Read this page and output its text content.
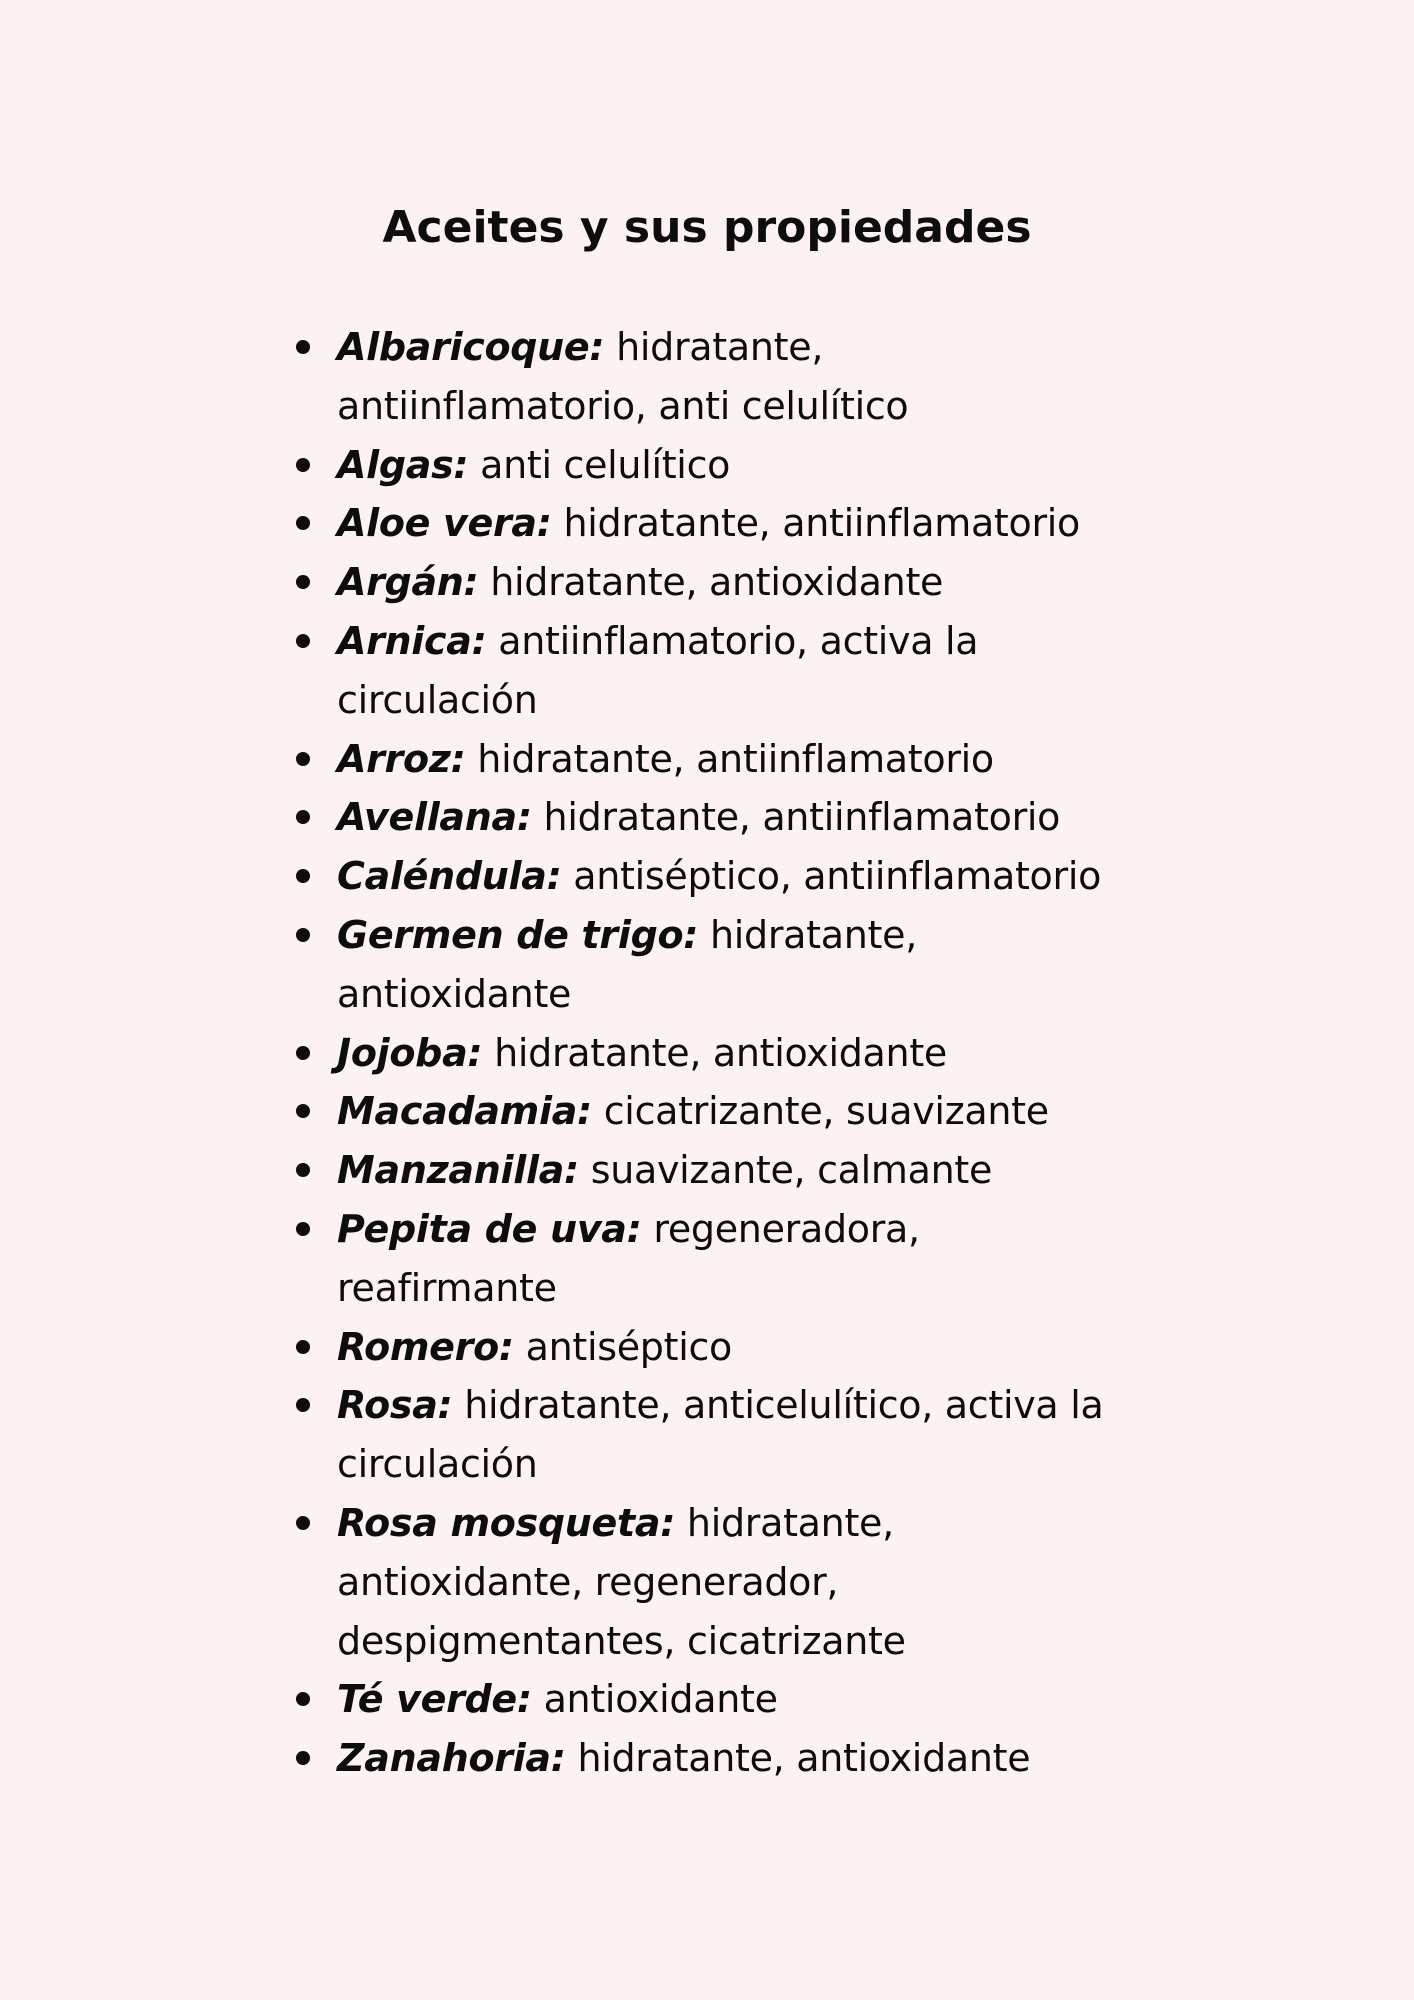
Aceites y sus propiedades
Albaricoque: hidratante, antiinflamatorio, anti celulítico
Algas: anti celulítico
Aloe vera: hidratante, antiinflamatorio
Argán: hidratante, antioxidante
Arnica: antiinflamatorio, activa la circulación
Arroz: hidratante, antiinflamatorio
Avellana: hidratante, antiinflamatorio
Caléndula: antiséptico, antiinflamatorio
Germen de trigo: hidratante, antioxidante
Jojoba: hidratante, antioxidante
Macadamia: cicatrizante, suavizante
Manzanilla: suavizante, calmante
Pepita de uva: regeneradora, reafirmante
Romero: antiséptico
Rosa: hidratante, anticelulítico, activa la circulación
Rosa mosqueta: hidratante, antioxidante, regenerador, despigmentantes, cicatrizante
Té verde: antioxidante
Zanahoria: hidratante, antioxidante
